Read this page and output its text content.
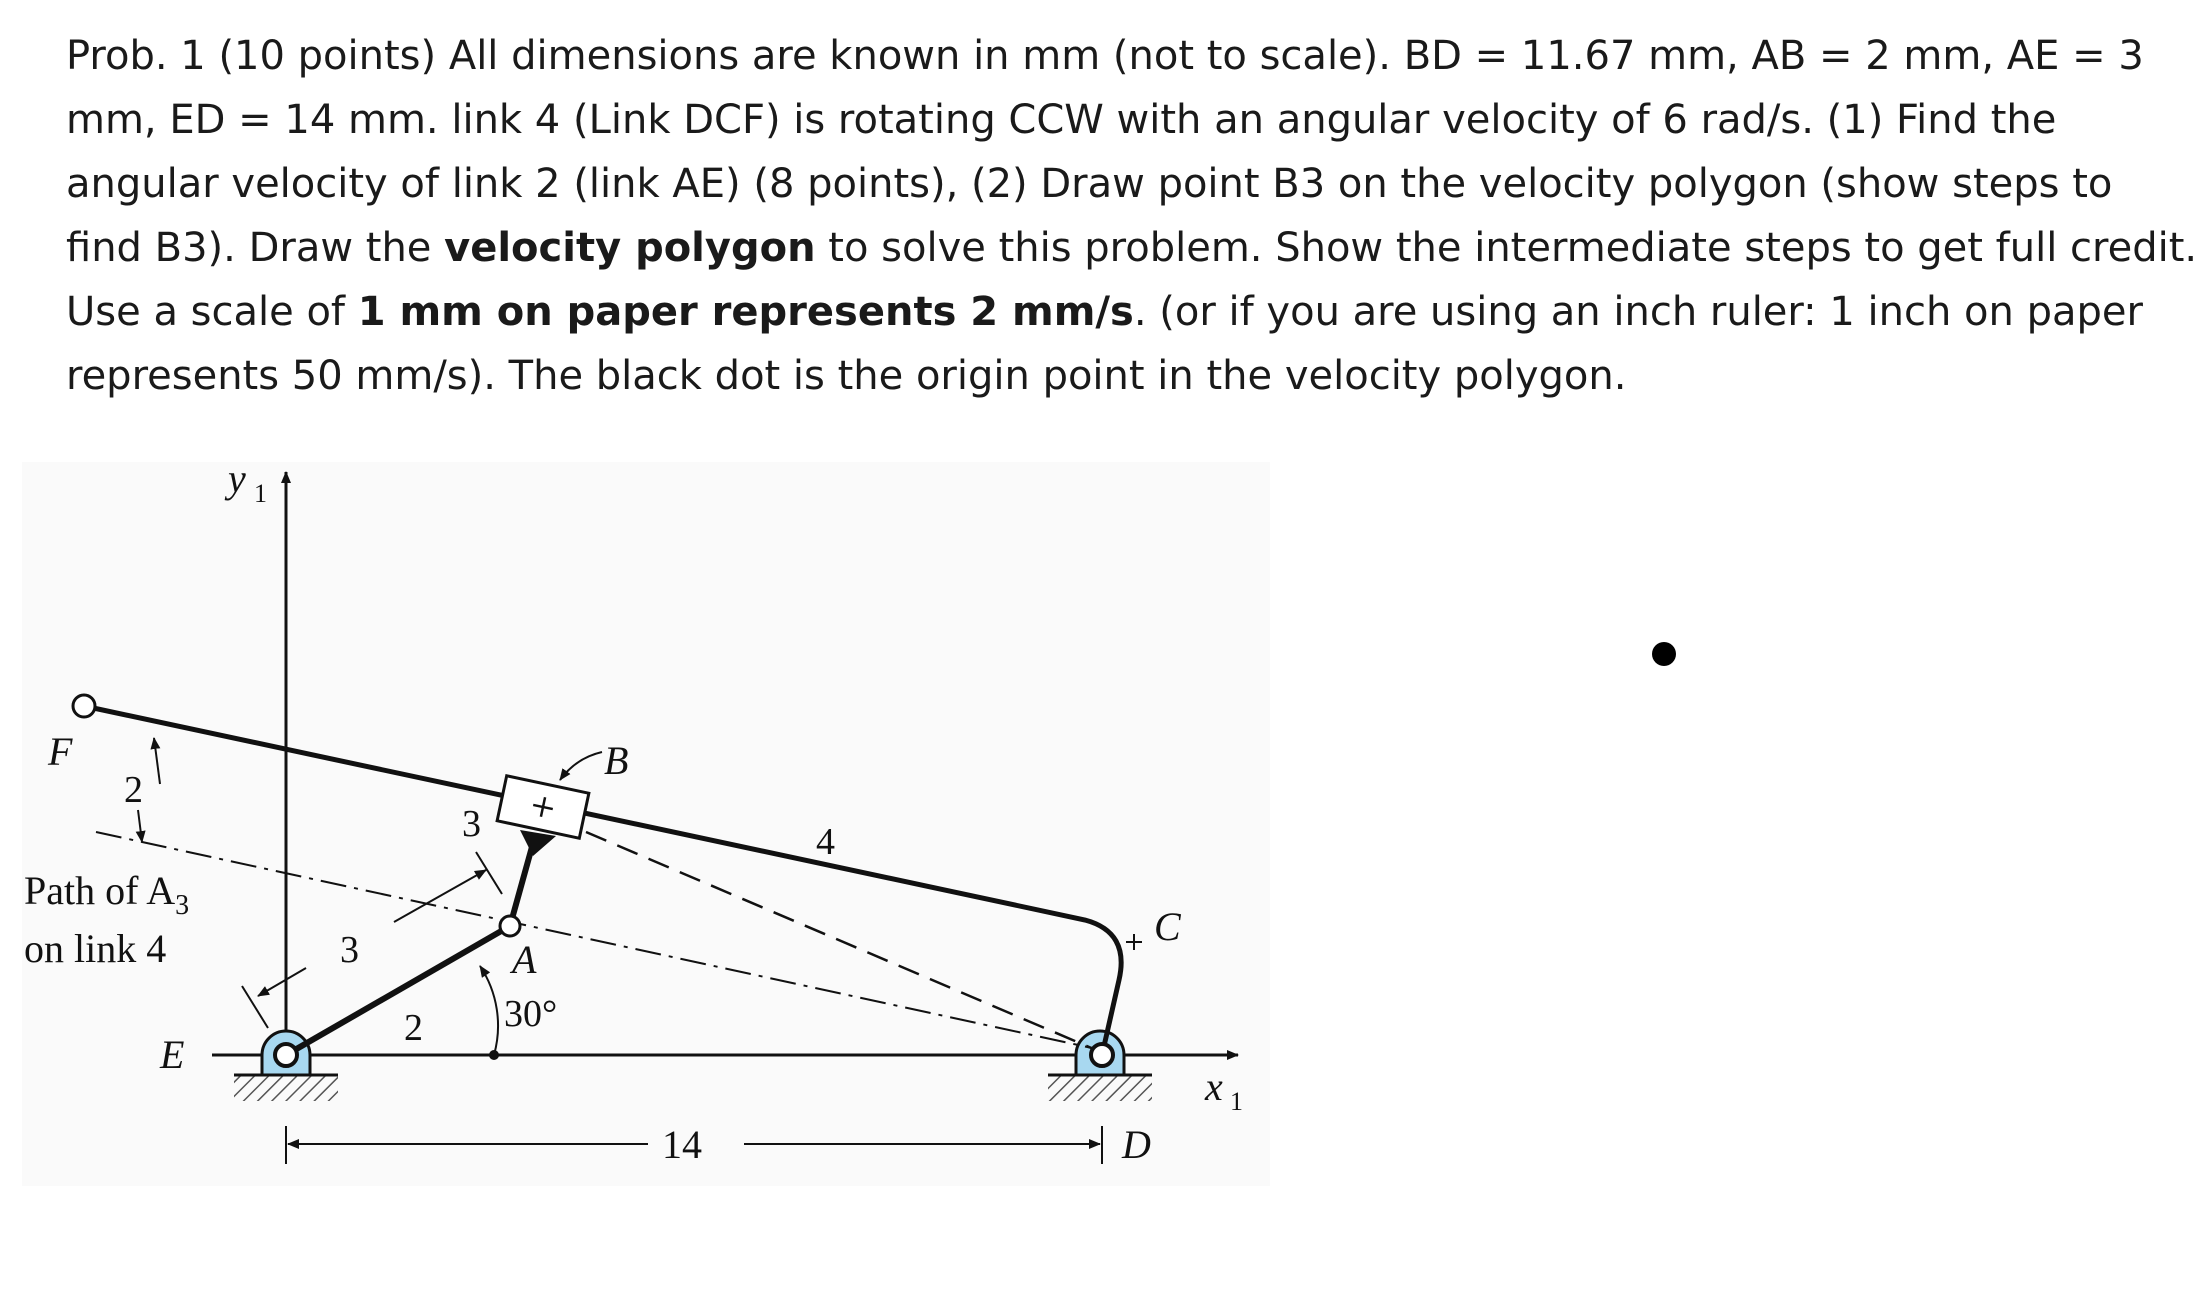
Prob. 1 (10 points) All dimensions are known in mm (not to scale). BD = 11.67 mm, AB = 2 mm, AE = 3
mm, ED = 14 mm. link 4 (Link DCF) is rotating CCW with an angular velocity of 6 rad/s. (1) Find the
angular velocity of link 2 (link AE) (8 points), (2) Draw point B3 on the velocity polygon (show steps to
find B3). Draw the velocity polygon to solve this problem. Show the intermediate steps to get full credit.
Use a scale of 1 mm on paper represents 2 mm/s. (or if you are using an inch ruler: 1 inch on paper
represents 50 mm/s). The black dot is the origin point in the velocity polygon.

y 1
x 1
F
2
B
3	4
C
A
3
2 30°
E
14	D
Path of $A_3$
on link 4
